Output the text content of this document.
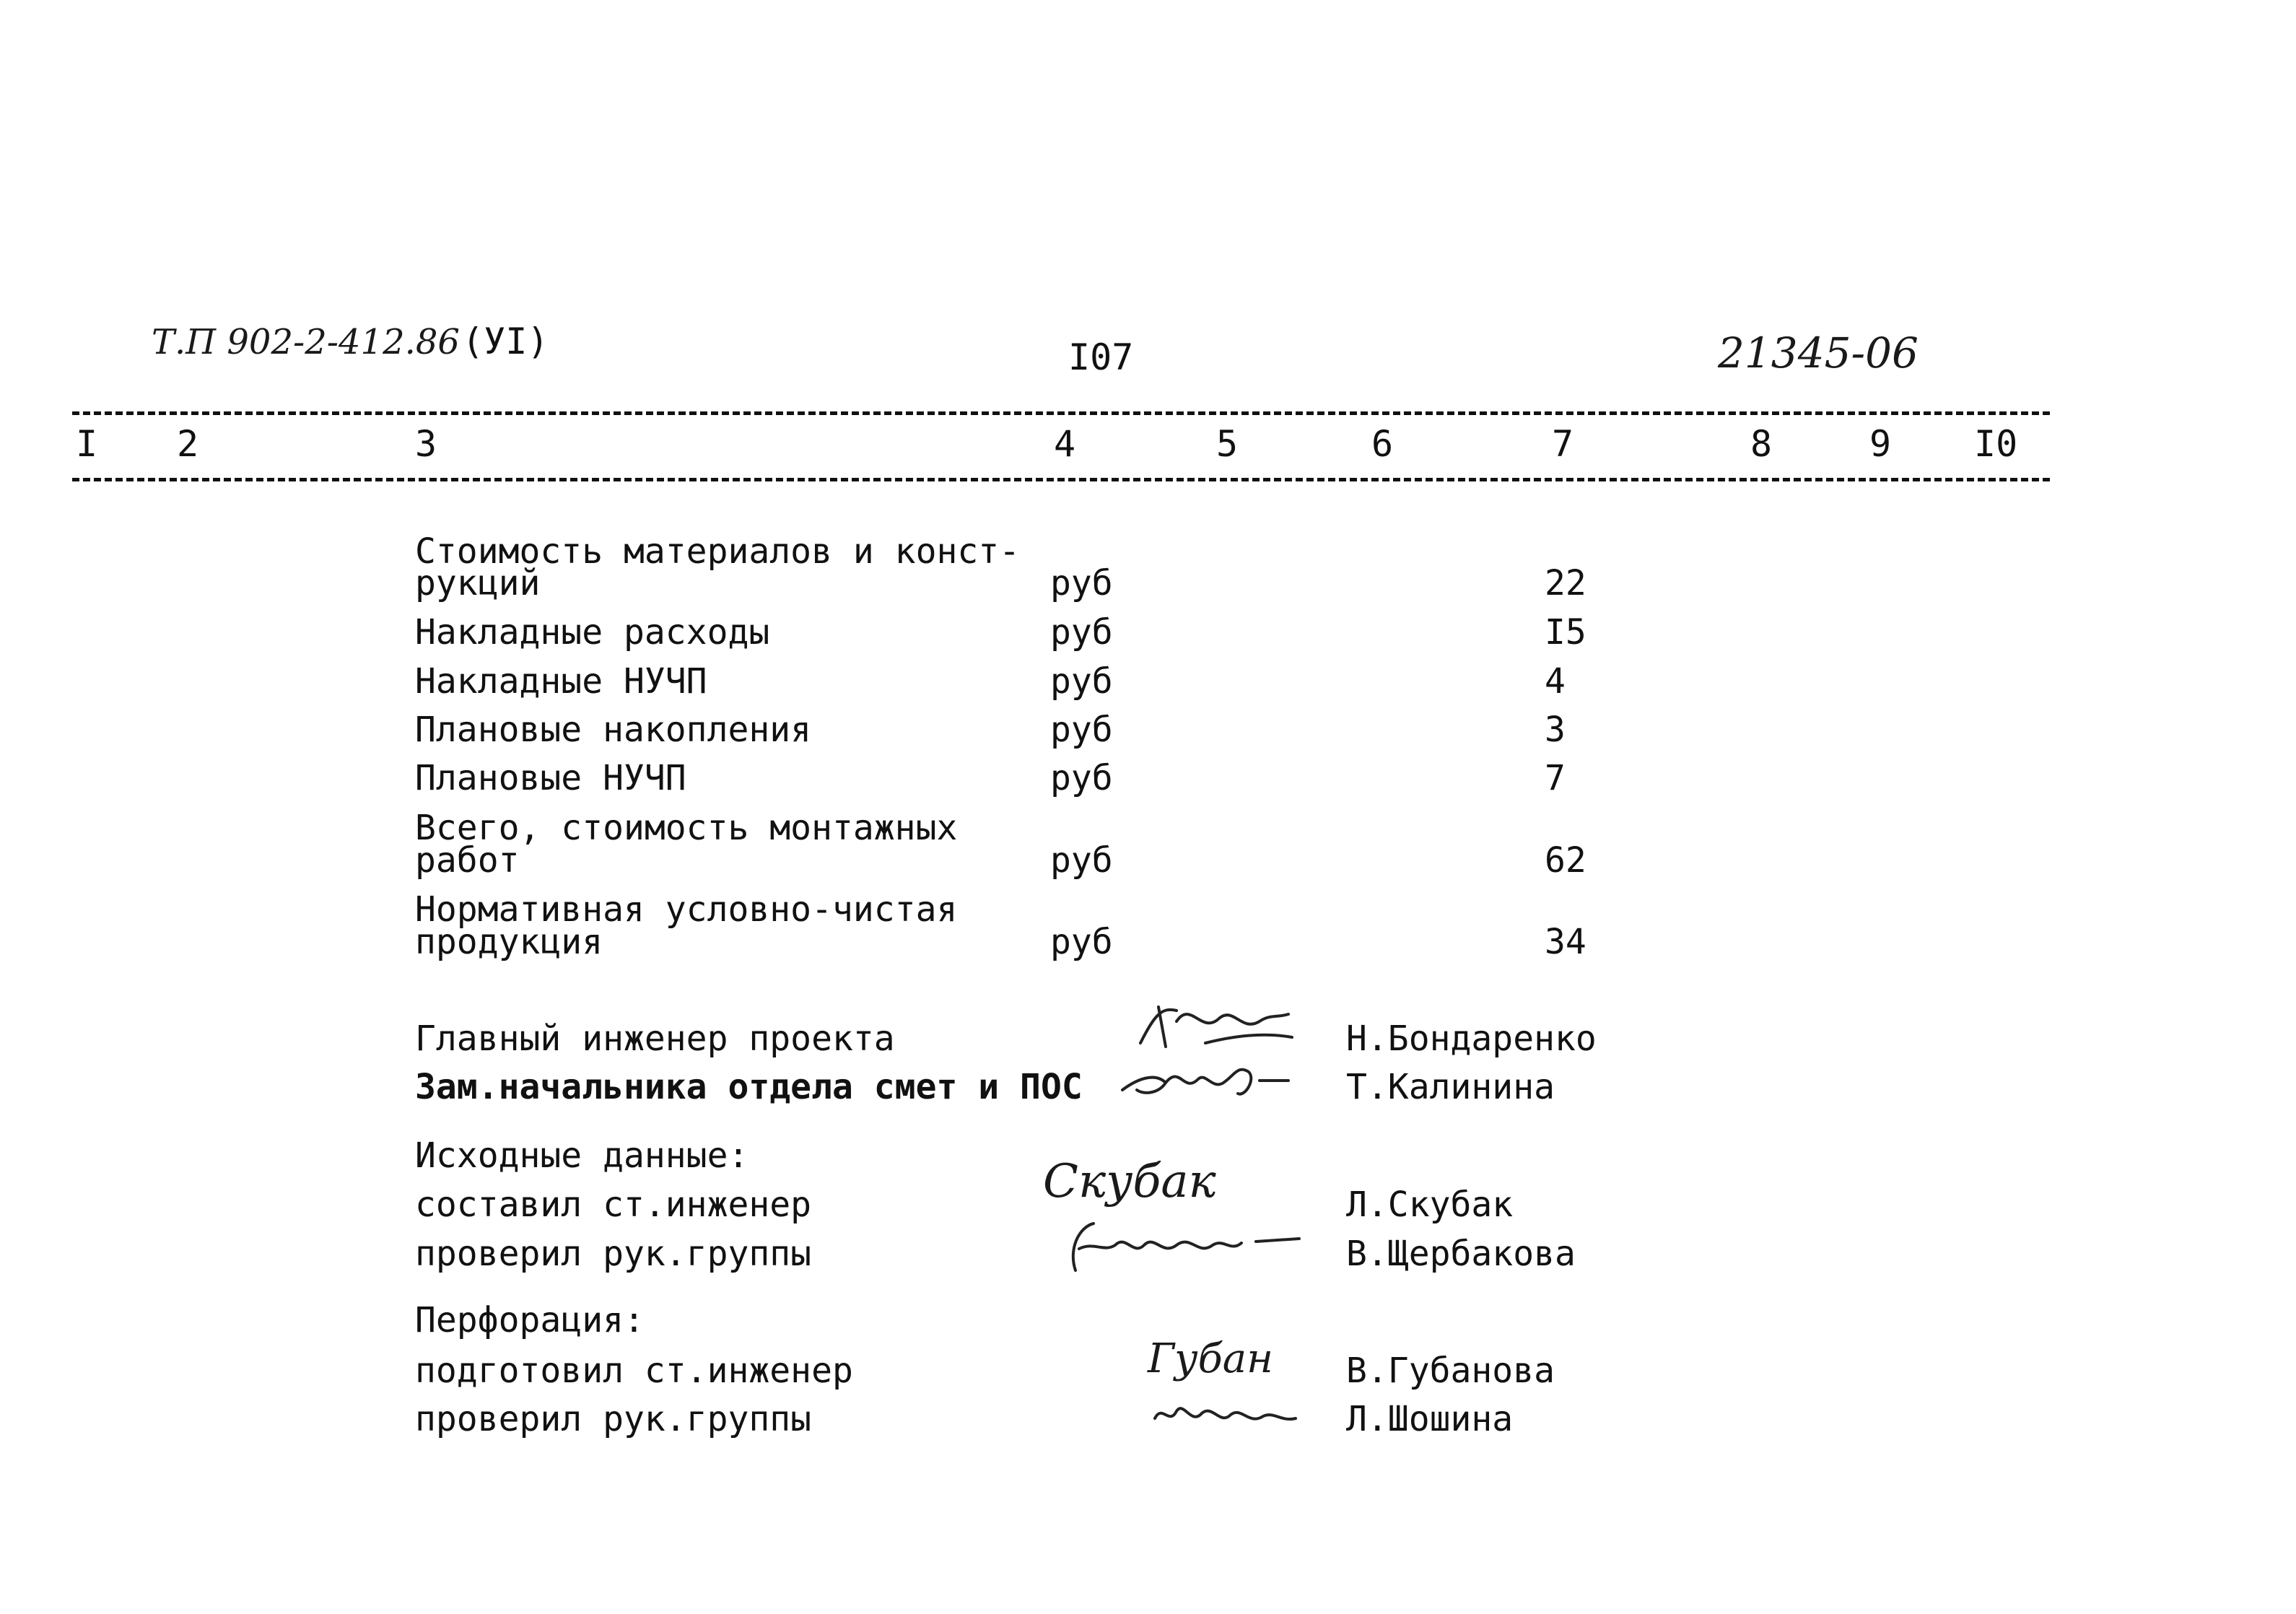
Т.П 902-2-412.86 (УI)	I07	21345-06
I 2	3	4	5	6	7	8	9 I0
Стоимость материалов и конст-
рукций	руб	22
Накладные расходы	руб	I5
Накладные НУЧП	руб	4
Плановые накопления	руб	3
Плановые НУЧП	руб	7
Всего, стоимость монтажных
работ	руб	62
Нормативная условно-чистая
продукция	руб	34
Главный инженер проекта	Н.Бондаренко
Зам.начальника отдела смет и ПОС	Т.Калинина
Исходные данные:
составил ст.инженер	Скубак	Л.Скубак
проверил рук.группы	В.Щербакова
Перфорация:
подготовил ст.инженер	Губан В.Губанова
проверил рук.группы	Л.Шошина
